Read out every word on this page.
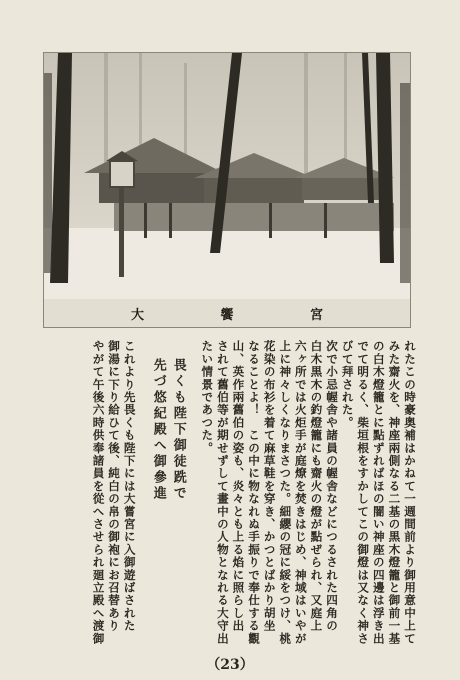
大 饗 宮
れたこの時豪奥補はかねて一週間前より御用意中上て
みた齋火を、神座兩側なる二基の黒木燈籠と御前一基
の白木燈籠とに點ずればほの闇い神座の四邊は浮き出
でて明るく、柴垣根をすかしてこの御燈は又なく神さ
びて拜された。
次で小忌幄舎や諸員の幄舎などにつるされた四角の
白木黒木の釣燈籠にも齋火の燈が點ぜられ、又庭上
六ヶ所では火炬手が庭燎を焚きはじめ、神域はいやが
上に神々しくなりまさつた。細纓の冠に綏をつけ、桃
花染の布衫を着て麻草鞋を穿き、かつとばかり胡坐
なることよ！　この中に物なれぬ手振りで奉仕する觀
山、英作兩舊伯の姿も、炎々とも上る焰に照らし出
されて舊伯等が期せずして畫中の人物となれる大守出
たい情景であつた。
畏くも陛下御徒跣で
先づ悠紀殿へ御參進
これより先畏くも陛下には大嘗宮に入御遊ばされた
御湯に下り給ひて後、純白の帛の御袍にお召替あり
やがて午後六時供奉諸員を從へさせられ廻立殿へ渡御
（23）
